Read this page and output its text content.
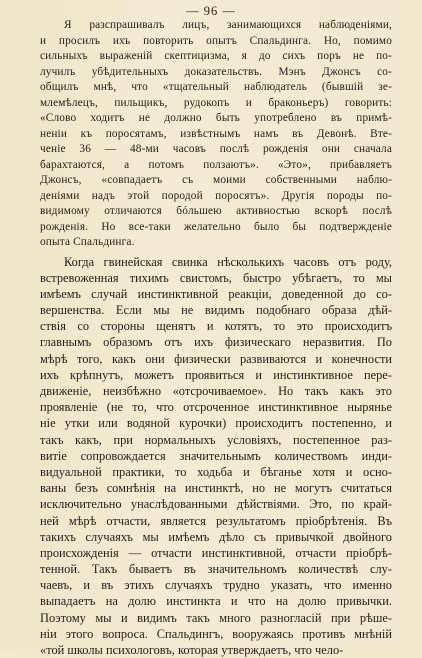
— 96 —
Я разспрашивалъ лицъ, занимающихся наблюденіями,
и просилъ ихъ повторить опытъ Спальдинга. Но, помимо
сильныхъ выраженій скептицизма, я до сихъ поръ не по-
лучилъ убѣдительныхъ доказательствъ. Мэнъ Джонсъ со-
общилъ мнѣ, что «тщательный наблюдатель (бывшій зе-
млемѣлецъ, пильщикъ, рудокопъ и браконьеръ) говорить:
«Слово ходитъ не должно быть употреблено въ примѣ-
неніи къ поросятамъ, извѣстнымъ намъ въ Девонѣ. Вте-
ченіе 36 — 48-ми часовъ послѣ рожденія они сначала
барахтаются, а потомъ ползаютъ». «Это», прибавляетъ
Джонсъ, «совпадаетъ съ моими собственными наблю-
деніями надъ этой породой поросятъ». Другія породы по-
видимому отличаются бóльшею активностью вскорѣ послѣ
рожденія. Но все-таки желательно было бы подтвержденіе
опыта Спальдинга.
Когда гвинейская свинка нѣсколькихъ часовъ отъ роду,
встревоженная тихимъ свистомъ, быстро убѣгаетъ, то мы
имѣемъ случай инстинктивной реакціи, доведенной до со-
вершенства. Если мы не видимъ подобнаго образа дѣй-
ствія со стороны щенятъ и котятъ, то это происходитъ
главнымъ образомъ отъ ихъ физическаго неразвития. По
мѣрѣ того, какъ они физически развиваются и конечности
ихъ крѣпнутъ, можетъ проявиться и инстинктивное пере-
движеніе, неизбѣжно «отсрочиваемое». Но такъ какъ это
проявленіе (не то, что отсроченное инстинктивное нырянье
ніе утки или водяной курочки) происходитъ постепенно, и
такъ какъ, при нормальныхъ условіяхъ, постепенное раз-
витіе сопровождается значительнымъ количествомъ инди-
видуальной практики, то ходьба и бѣганье хотя и осно-
ваны безъ сомнѣнія на инстинктѣ, но не могутъ считаться
исключительно унаслѣдованными дѣйствіями. Это, по край-
ней мѣрѣ отчасти, является результатомъ пріобрѣтенія. Въ
такихъ случаяхъ мы имѣемъ дѣло съ привычкой двойного
происхожденія — отчасти инстинктивной, отчасти пріобрѣ-
тенной. Такъ бываетъ въ значительномъ количествѣ слу-
чаевъ, и въ этихъ случаяхъ трудно указать, что именно
выпадаетъ на долю инстинкта и что на долю привычки.
Поэтому мы и видимъ такъ много разногласій при рѣше-
ніи этого вопроса. Спальдингъ, вооружаясь противъ мнѣній
«той школы психологовъ, которая утверждаетъ, что чело-
